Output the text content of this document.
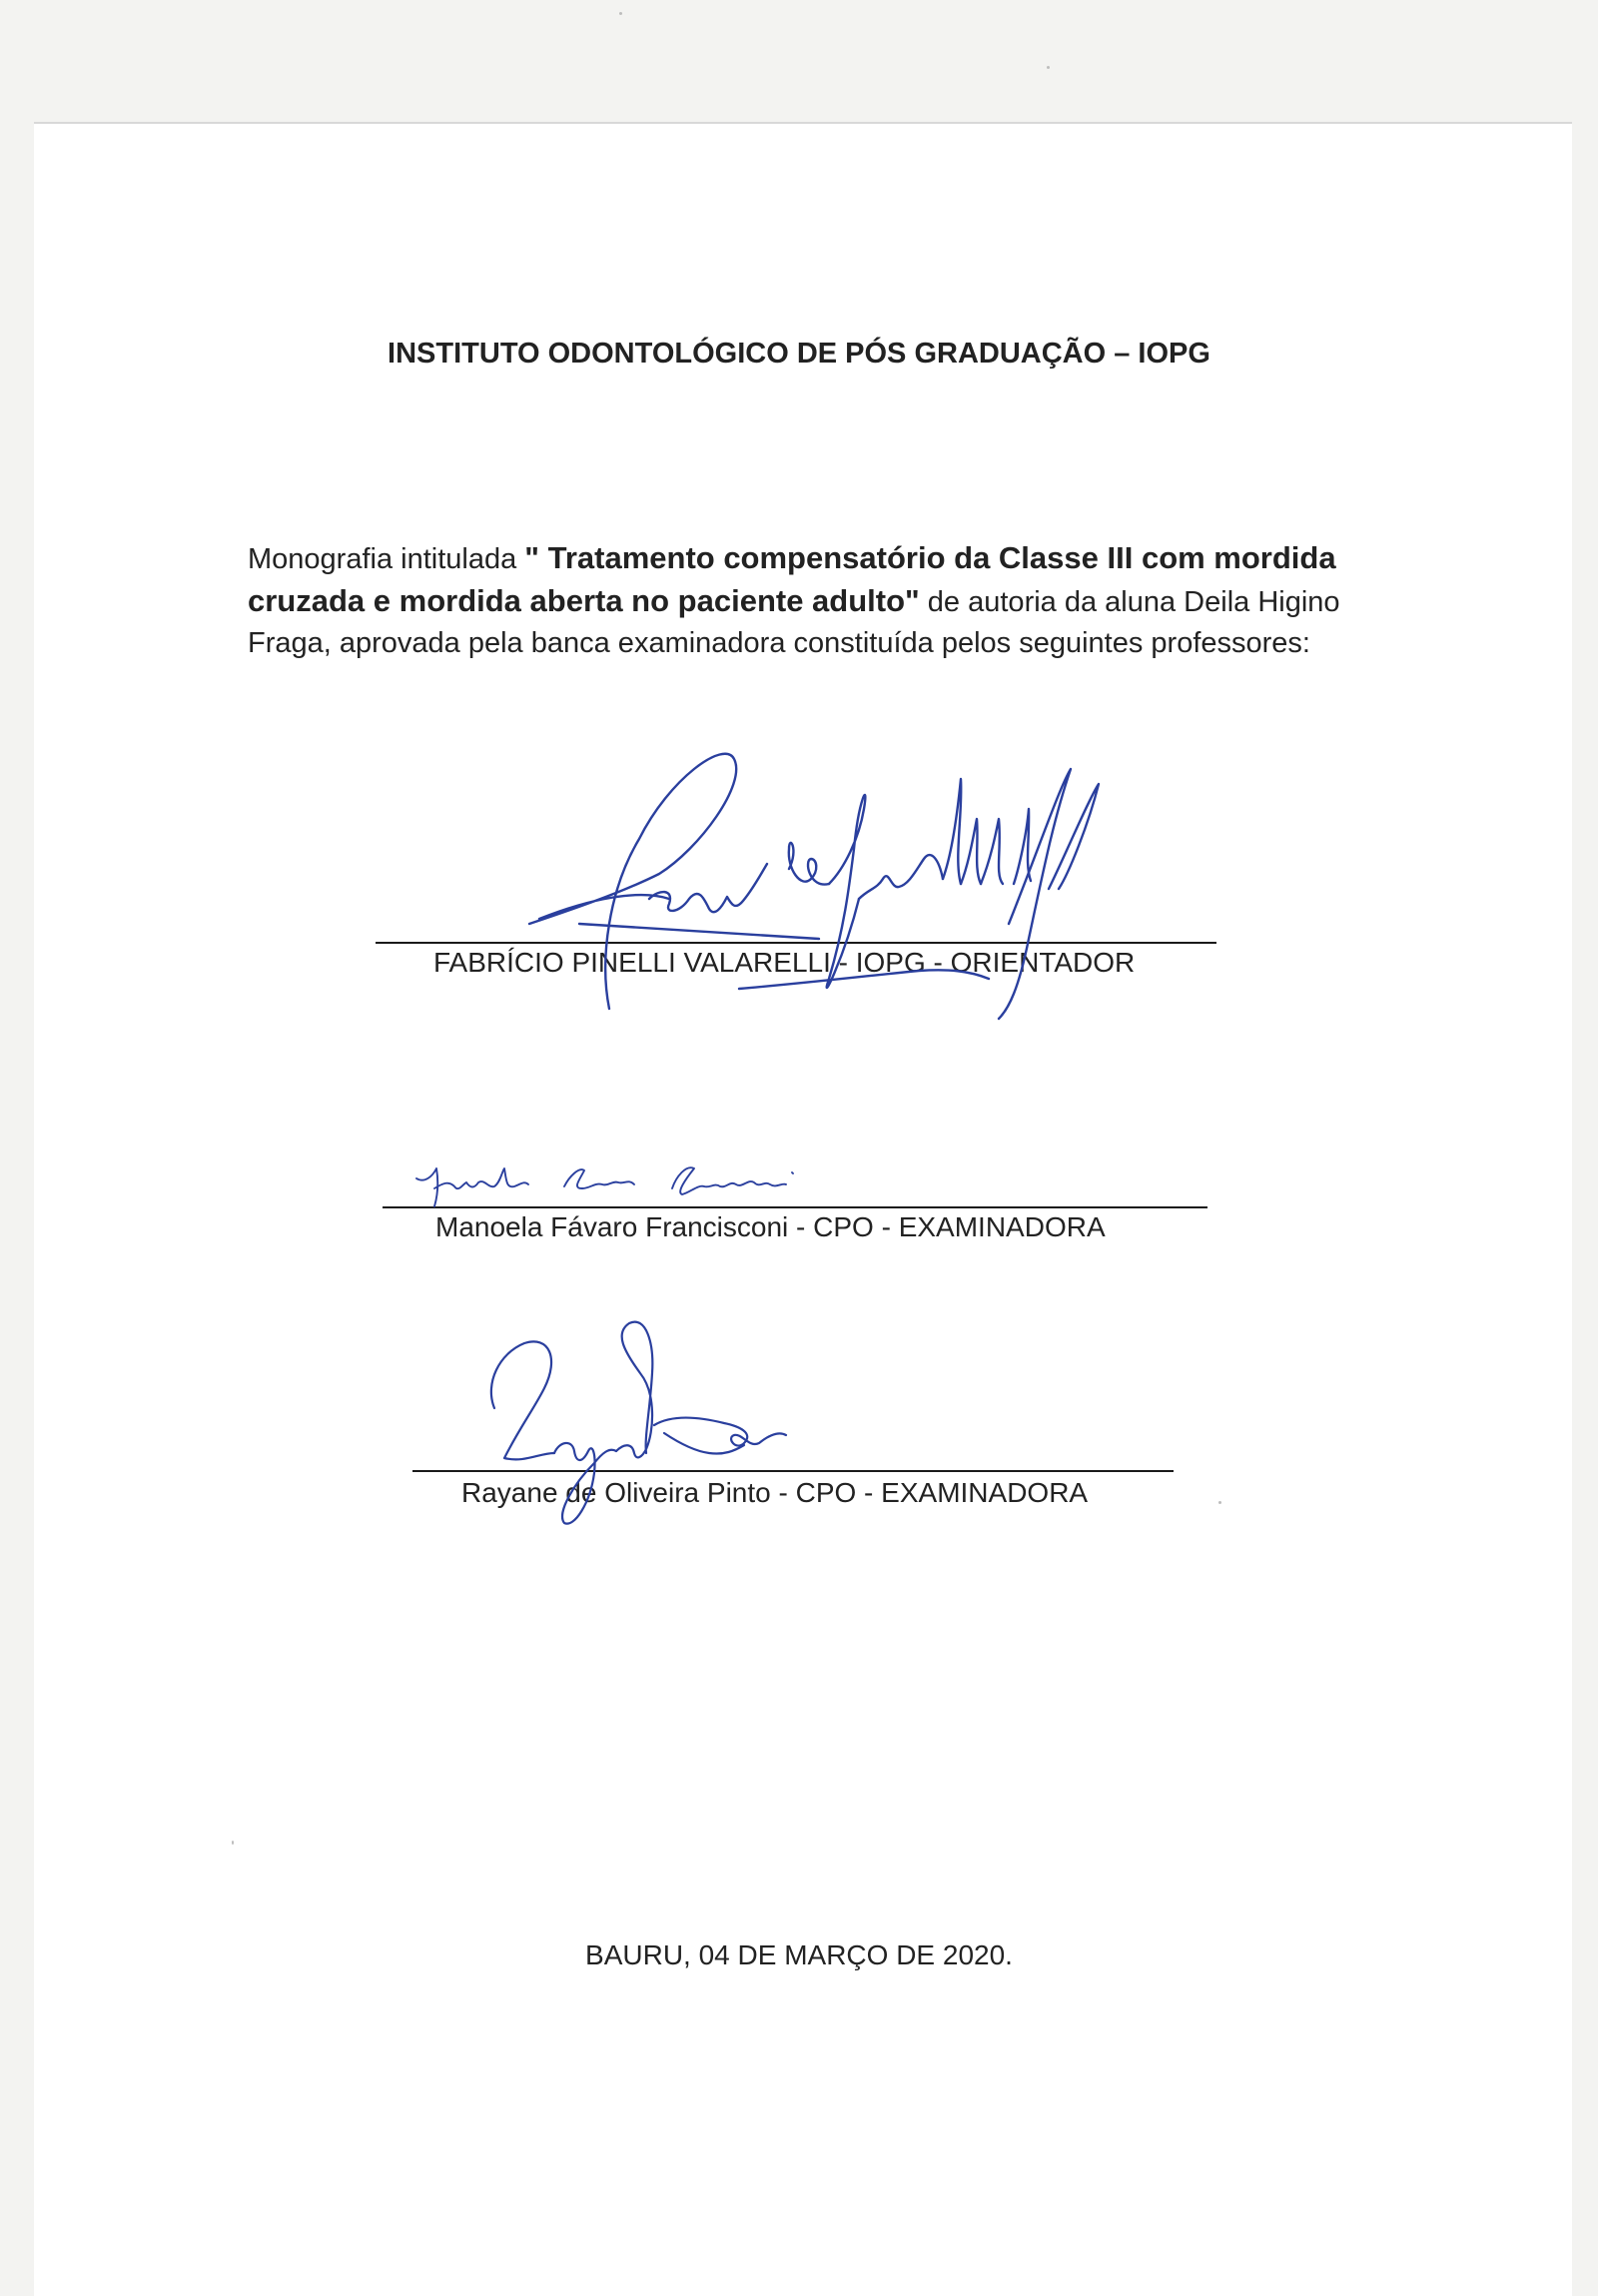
INSTITUTO ODONTOLÓGICO DE PÓS GRADUAÇÃO – IOPG
Monografia intitulada " Tratamento compensatório da Classe III com mordida cruzada e mordida aberta no paciente adulto" de autoria da aluna Deila Higino Fraga, aprovada pela banca examinadora constituída pelos seguintes professores:
FABRÍCIO PINELLI VALARELLI - IOPG - ORIENTADOR
Manoela Fávaro Francisconi - CPO - EXAMINADORA
Rayane de Oliveira Pinto - CPO - EXAMINADORA
BAURU, 04 DE MARÇO DE 2020.
